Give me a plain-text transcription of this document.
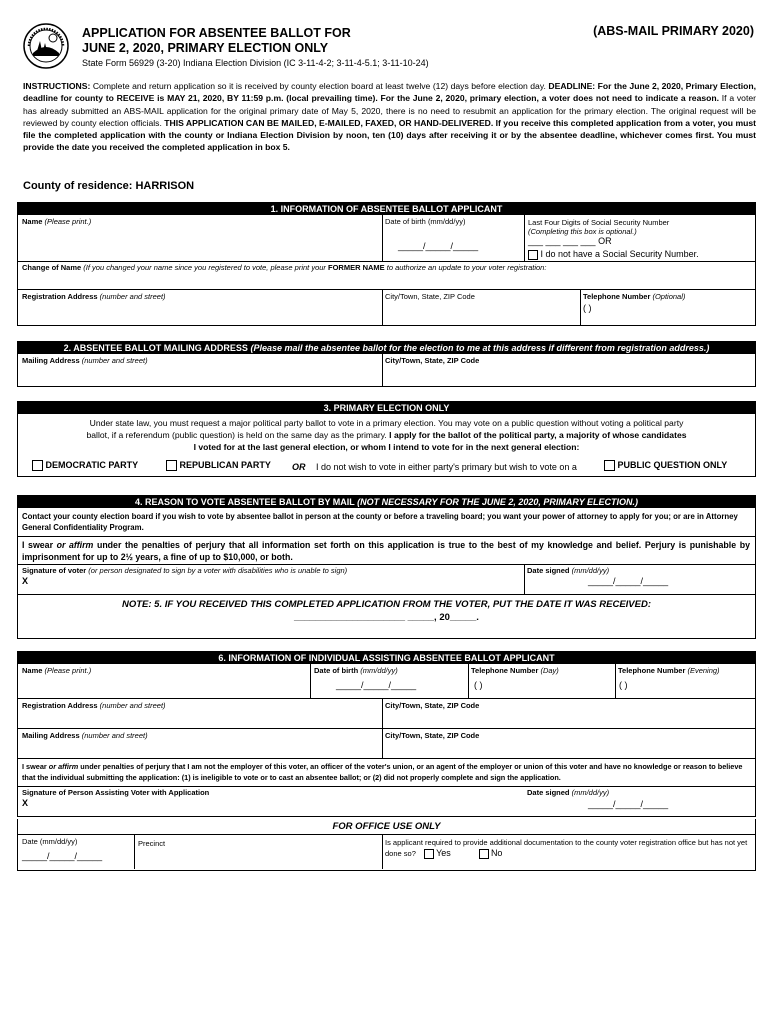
APPLICATION FOR ABSENTEE BALLOT FOR
JUNE 2, 2020, PRIMARY ELECTION ONLY
(ABS-MAIL PRIMARY 2020)
State Form 56929 (3-20) Indiana Election Division (IC 3-11-4-2; 3-11-4-5.1; 3-11-10-24)
INSTRUCTIONS: Complete and return application so it is received by county election board at least twelve (12) days before election day. DEADLINE: For the June 2, 2020, Primary Election, deadline for county to RECEIVE is MAY 21, 2020, BY 11:59 p.m. (local prevailing time). For the June 2, 2020, primary election, a voter does not need to indicate a reason. If a voter has already submitted an ABS-MAIL application for the original primary date of May 5, 2020, there is no need to resubmit an application for the primary election. The original request will be reviewed by county election officials. THIS APPLICATION CAN BE MAILED, E-MAILED, FAXED, OR HAND-DELIVERED. If you receive this completed application from a voter, you must file the completed application with the county or Indiana Election Division by noon, ten (10) days after receiving it or by the absentee deadline, whichever comes first. You must provide the date you received the completed application in box 5.
County of residence: HARRISON
1. INFORMATION OF ABSENTEE BALLOT APPLICANT
Name (Please print.)	Date of birth (mm/dd/yy)
_____/_____/_____
Last Four Digits of Social Security Number
(Completing this box is optional.)
___ ___ ___ ___ OR
I do not have a Social Security Number.
Change of Name (If you changed your name since you registered to vote, please print your FORMER NAME to authorize an update to your voter registration:
Registration Address (number and street)	City/Town, State, ZIP Code	Telephone Number (Optional)
( )
2. ABSENTEE BALLOT MAILING ADDRESS (Please mail the absentee ballot for the election to me at this address if different from registration address.)
Mailing Address (number and street)	City/Town, State, ZIP Code
3. PRIMARY ELECTION ONLY
Under state law, you must request a major political party ballot to vote in a primary election. You may vote on a public question without voting a political party
ballot, if a referendum (public question) is held on the same day as the primary. I apply for the ballot of the political party, a majority of whose candidates
I voted for at the last general election, or whom I intend to vote for in the next general election:
DEMOCRATIC PARTY	REPUBLICAN PARTY OR I do not wish to vote in either party's primary but wish to vote on a	PUBLIC QUESTION ONLY
4. REASON TO VOTE ABSENTEE BALLOT BY MAIL (NOT NECESSARY FOR THE JUNE 2, 2020, PRIMARY ELECTION.)
Contact your county election board if you wish to vote by absentee ballot in person at the county or before a traveling board; you want your power of attorney to apply for you; or are in Attorney General Confidentiality Program.
I swear or affirm under the penalties of perjury that all information set forth on this application is true to the best of my knowledge and belief. Perjury is punishable by imprisonment for up to 2½ years, a fine of up to $10,000, or both.
Signature of voter (or person designated to sign by a voter with disabilities who is unable to sign)
X
Date signed (mm/dd/yy)
_____/_____/_____
NOTE: 5. IF YOU RECEIVED THIS COMPLETED APPLICATION FROM THE VOTER, PUT THE DATE IT WAS RECEIVED:
_____________________ _____, 20_____.
6. INFORMATION OF INDIVIDUAL ASSISTING ABSENTEE BALLOT APPLICANT
Name (Please print.)	Date of birth (mm/dd/yy)
_____/_____/_____
Telephone Number (Day)
( )
Telephone Number (Evening)
( )
Registration Address (number and street)	City/Town, State, ZIP Code
Mailing Address (number and street)	City/Town, State, ZIP Code
I swear or affirm under penalties of perjury that I am not the employer of this voter, an officer of the voter's union, or an agent of the employer or union of this voter and have no knowledge or reason to believe that the individual submitting the application: (1) is ineligible to vote or to cast an absentee ballot; or (2) did not properly complete and sign the application.
Signature of Person Assisting Voter with Application
X
Date signed (mm/dd/yy)
_____/_____/_____
FOR OFFICE USE ONLY
Date (mm/dd/yy)
_____/_____/_____
Precinct	Is applicant required to provide additional documentation to the county voter registration office but has not yet done so? Yes	No
